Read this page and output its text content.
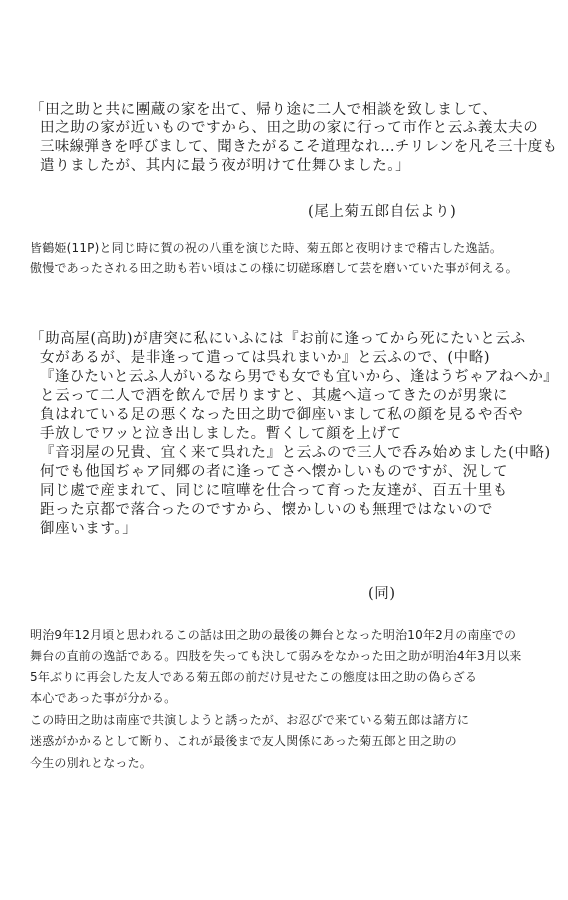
「田之助と共に團蔵の家を出て、帰り途に二人で相談を致しまして、
田之助の家が近いものですから、田之助の家に行って市作と云ふ義太夫の
三味線弾きを呼びまして、聞きたがるこそ道理なれ…チリレンを凡そ三十度も
遣りましたが、其内に最う夜が明けて仕舞ひました。」
(尾上菊五郎自伝より)
皆鶴姫(11P)と同じ時に賀の祝の八重を演じた時、菊五郎と夜明けまで稽古した逸話。
傲慢であったされる田之助も若い頃はこの様に切磋琢磨して芸を磨いていた事が伺える。
「助高屋(高助)が唐突に私にいふには『お前に逢ってから死にたいと云ふ
女があるが、是非逢って遣っては呉れまいか』と云ふので、(中略)
『逢ひたいと云ふ人がいるなら男でも女でも宜いから、逢はうぢゃアねへか』
と云って二人で酒を飲んで居りますと、其處へ這ってきたのが男衆に
負はれている足の悪くなった田之助で御座いまして私の顔を見るや否や
手放しでワッと泣き出しました。暫くして顔を上げて
『音羽屋の兄貴、宜く来て呉れた』と云ふので三人で呑み始めました(中略)
何でも他国ぢゃア同郷の者に逢ってさへ懐かしいものですが、況して
同じ處で産まれて、同じに喧嘩を仕合って育った友達が、百五十里も
距った京都で落合ったのですから、懐かしいのも無理ではないので
御座います。」
(同)
明治9年12月頃と思われるこの話は田之助の最後の舞台となった明治10年2月の南座での
舞台の直前の逸話である。四肢を失っても決して弱みをなかった田之助が明治4年3月以来
5年ぶりに再会した友人である菊五郎の前だけ見せたこの態度は田之助の偽らざる
本心であった事が分かる。
この時田之助は南座で共演しようと誘ったが、お忍びで来ている菊五郎は諸方に
迷惑がかかるとして断り、これが最後まで友人関係にあった菊五郎と田之助の
今生の別れとなった。
